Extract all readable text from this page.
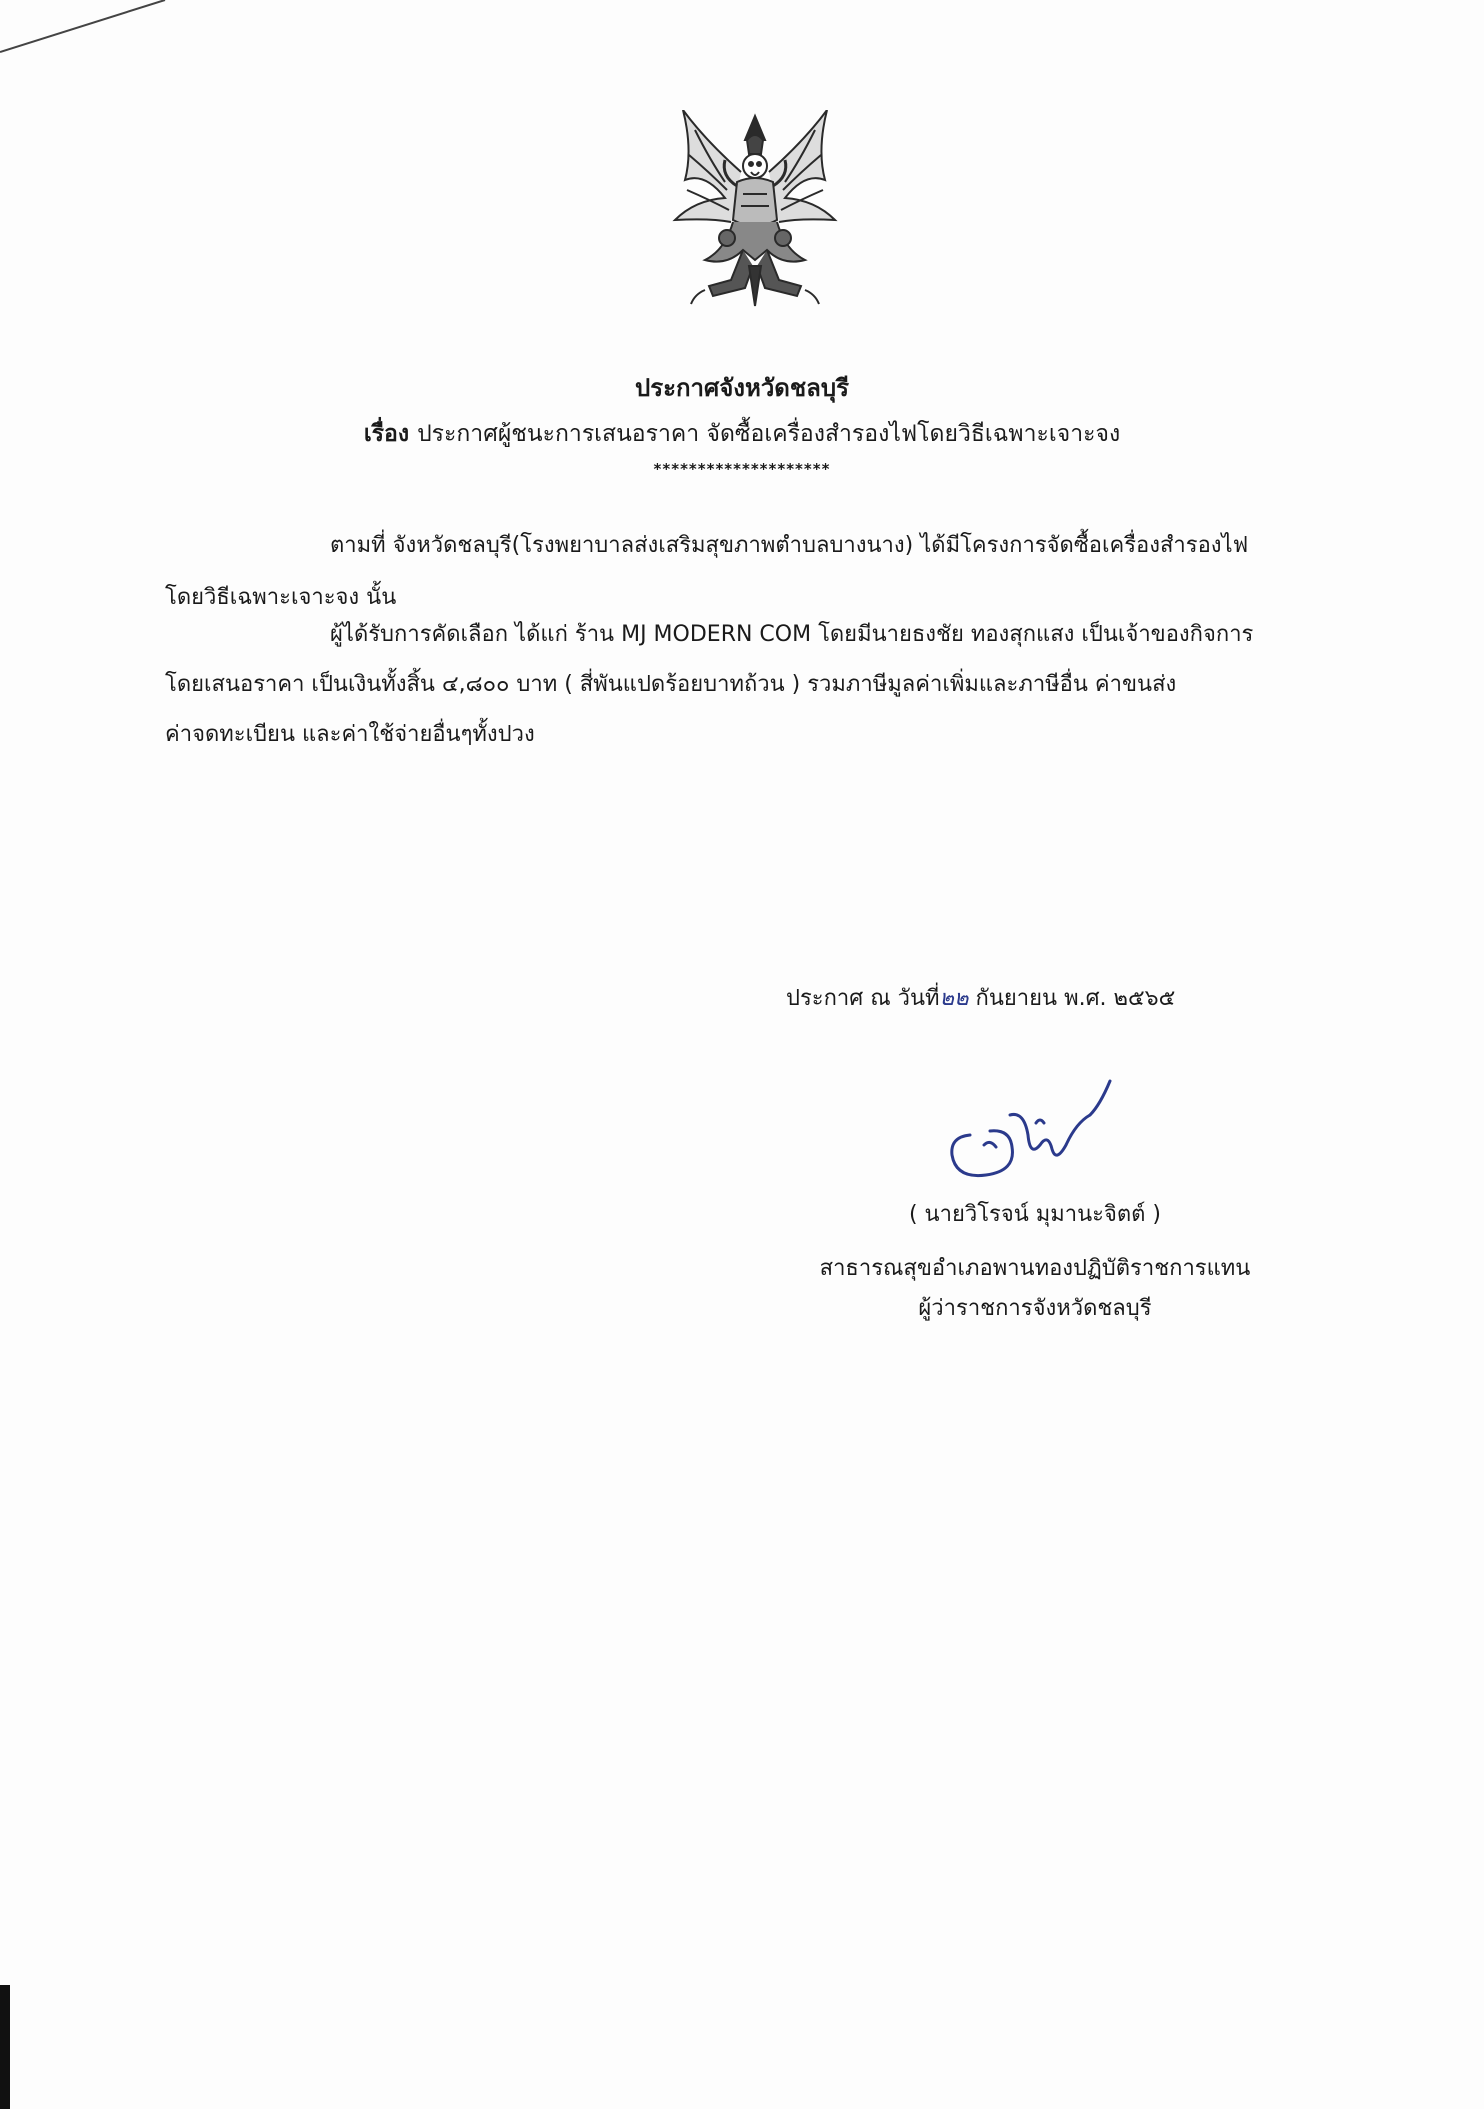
ประกาศจังหวัดชลบุรี
เรื่อง ประกาศผู้ชนะการเสนอราคา จัดซื้อเครื่องสำรองไฟโดยวิธีเฉพาะเจาะจง
********************
ตามที่ จังหวัดชลบุรี(โรงพยาบาลส่งเสริมสุขภาพตำบลบางนาง) ได้มีโครงการจัดซื้อเครื่องสำรองไฟ
โดยวิธีเฉพาะเจาะจง นั้น
ผู้ได้รับการคัดเลือก ได้แก่ ร้าน MJ MODERN COM โดยมีนายธงชัย ทองสุกแสง เป็นเจ้าของกิจการ
โดยเสนอราคา เป็นเงินทั้งสิ้น ๔,๘๐๐ บาท ( สี่พันแปดร้อยบาทถ้วน ) รวมภาษีมูลค่าเพิ่มและภาษีอื่น ค่าขนส่ง
ค่าจดทะเบียน และค่าใช้จ่ายอื่นๆทั้งปวง
ประกาศ ณ วันที่๒๒ กันยายน พ.ศ. ๒๕๖๕
( นายวิโรจน์ มุมานะจิตต์ )
สาธารณสุขอำเภอพานทองปฏิบัติราชการแทน
ผู้ว่าราชการจังหวัดชลบุรี
